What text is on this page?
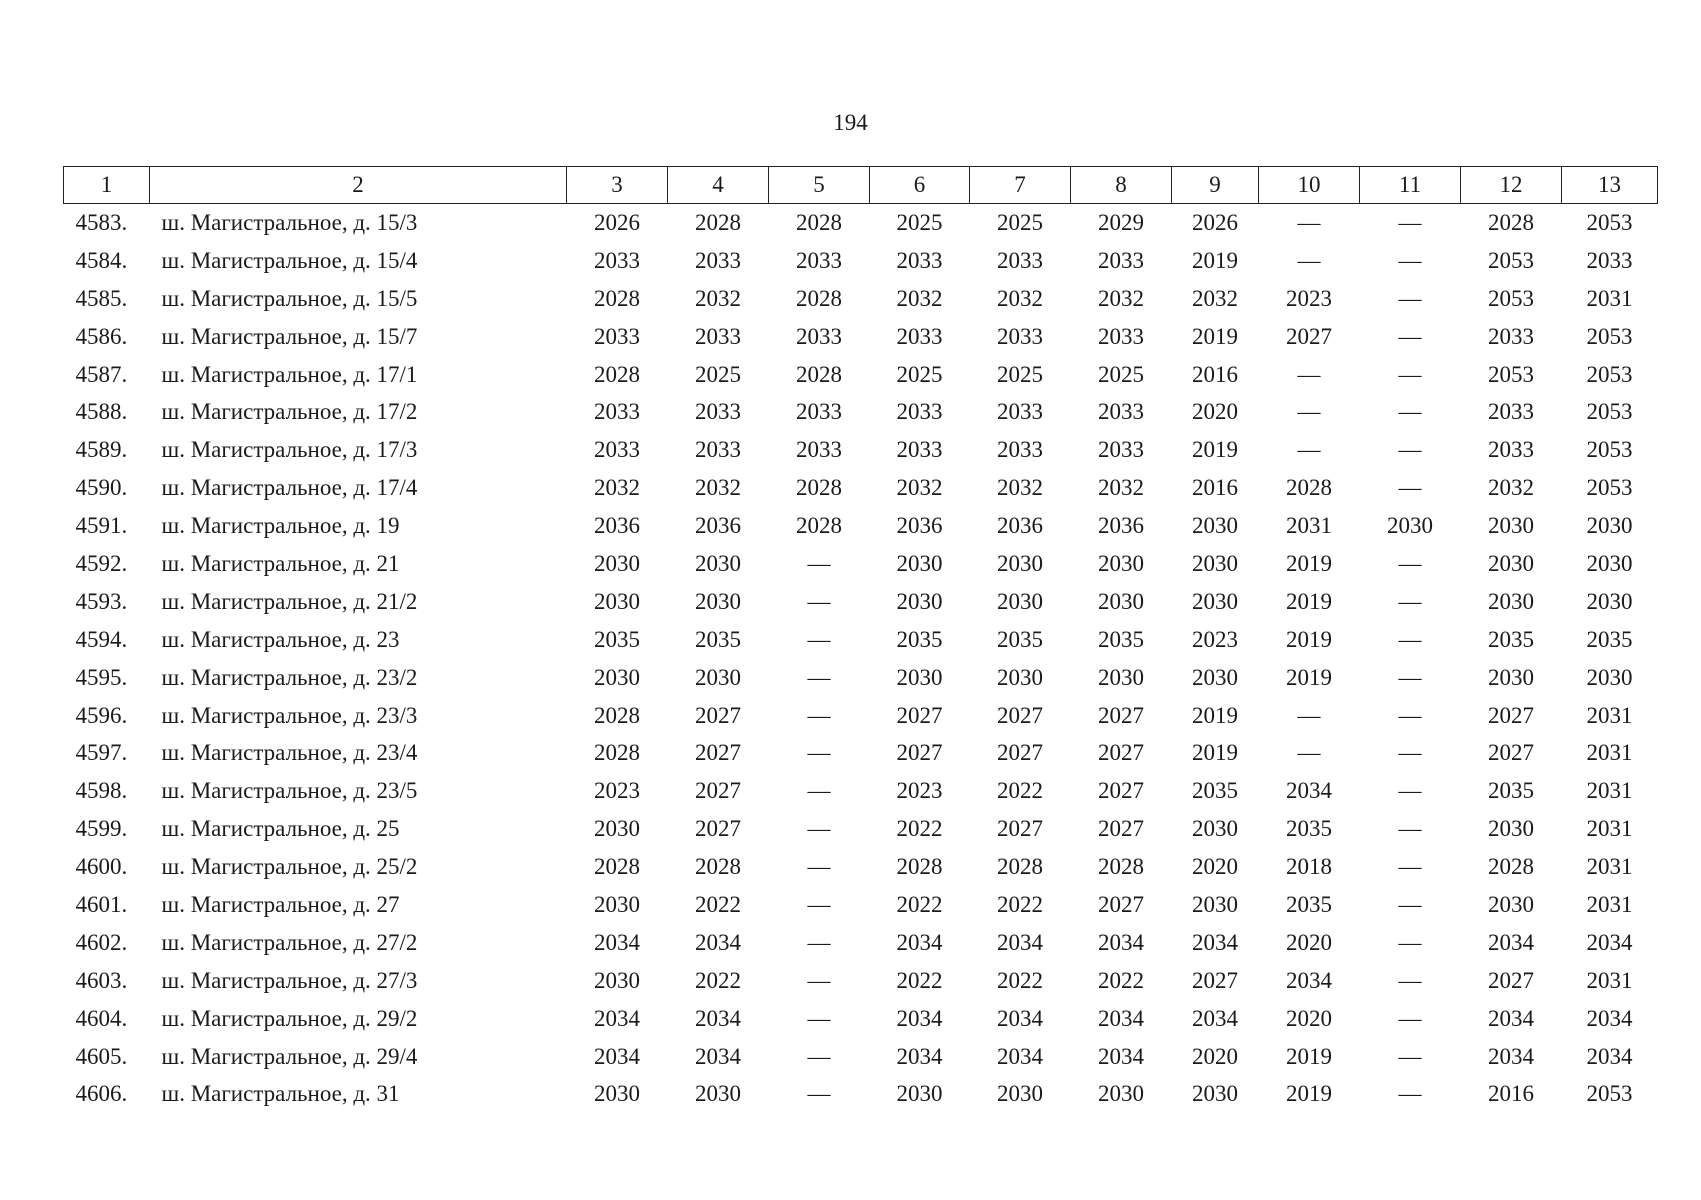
194
1	2	3	4	5	6	7	8	9	10	11	12	13
4583.	ш. Магистральное, д. 15/3	2026	2028	2028	2025	2025	2029	2026	—	—	2028	2053
4584.	ш. Магистральное, д. 15/4	2033	2033	2033	2033	2033	2033	2019	—	—	2053	2033
4585.	ш. Магистральное, д. 15/5	2028	2032	2028	2032	2032	2032	2032	2023	—	2053	2031
4586.	ш. Магистральное, д. 15/7	2033	2033	2033	2033	2033	2033	2019	2027	—	2033	2053
4587.	ш. Магистральное, д. 17/1	2028	2025	2028	2025	2025	2025	2016	—	—	2053	2053
4588.	ш. Магистральное, д. 17/2	2033	2033	2033	2033	2033	2033	2020	—	—	2033	2053
4589.	ш. Магистральное, д. 17/3	2033	2033	2033	2033	2033	2033	2019	—	—	2033	2053
4590.	ш. Магистральное, д. 17/4	2032	2032	2028	2032	2032	2032	2016	2028	—	2032	2053
4591.	ш. Магистральное, д. 19	2036	2036	2028	2036	2036	2036	2030	2031	2030	2030	2030
4592.	ш. Магистральное, д. 21	2030	2030	—	2030	2030	2030	2030	2019	—	2030	2030
4593.	ш. Магистральное, д. 21/2	2030	2030	—	2030	2030	2030	2030	2019	—	2030	2030
4594.	ш. Магистральное, д. 23	2035	2035	—	2035	2035	2035	2023	2019	—	2035	2035
4595.	ш. Магистральное, д. 23/2	2030	2030	—	2030	2030	2030	2030	2019	—	2030	2030
4596.	ш. Магистральное, д. 23/3	2028	2027	—	2027	2027	2027	2019	—	—	2027	2031
4597.	ш. Магистральное, д. 23/4	2028	2027	—	2027	2027	2027	2019	—	—	2027	2031
4598.	ш. Магистральное, д. 23/5	2023	2027	—	2023	2022	2027	2035	2034	—	2035	2031
4599.	ш. Магистральное, д. 25	2030	2027	—	2022	2027	2027	2030	2035	—	2030	2031
4600.	ш. Магистральное, д. 25/2	2028	2028	—	2028	2028	2028	2020	2018	—	2028	2031
4601.	ш. Магистральное, д. 27	2030	2022	—	2022	2022	2027	2030	2035	—	2030	2031
4602.	ш. Магистральное, д. 27/2	2034	2034	—	2034	2034	2034	2034	2020	—	2034	2034
4603.	ш. Магистральное, д. 27/3	2030	2022	—	2022	2022	2022	2027	2034	—	2027	2031
4604.	ш. Магистральное, д. 29/2	2034	2034	—	2034	2034	2034	2034	2020	—	2034	2034
4605.	ш. Магистральное, д. 29/4	2034	2034	—	2034	2034	2034	2020	2019	—	2034	2034
4606.	ш. Магистральное, д. 31	2030	2030	—	2030	2030	2030	2030	2019	—	2016	2053
